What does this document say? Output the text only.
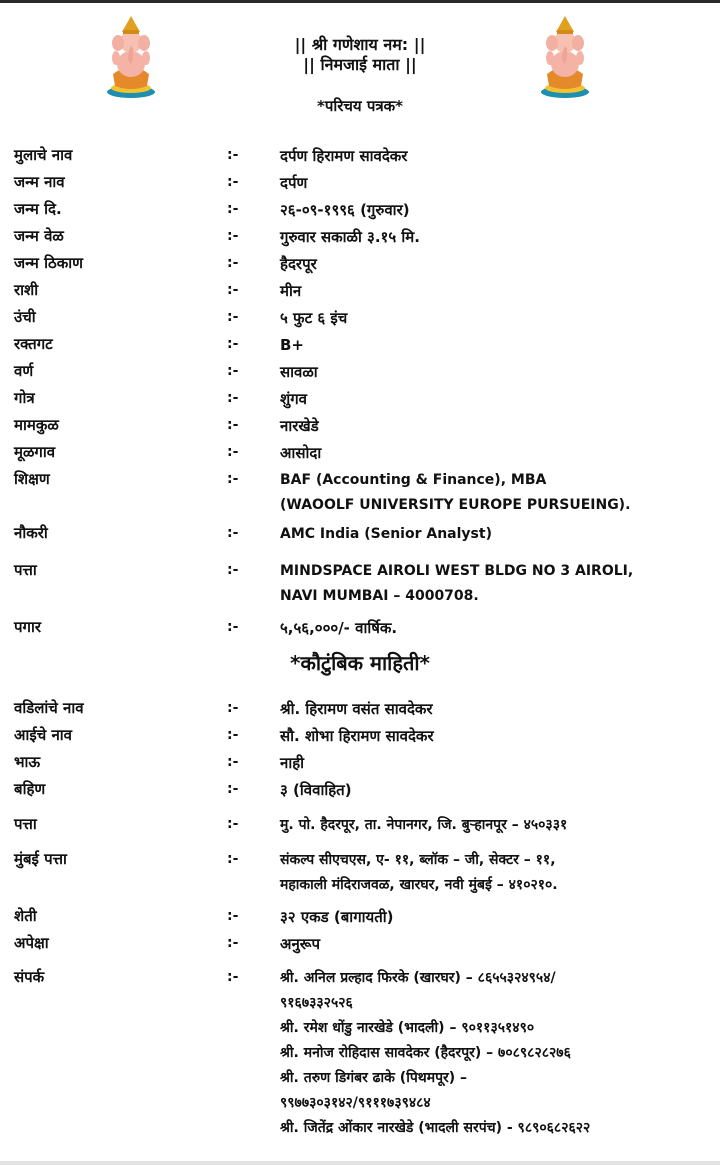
|| श्री गणेशाय नम: ||
|| निमजाई माता ||
*परिचय पत्रक*
मुलाचे नाव	:-	दर्पण हिरामण सावदेकर
जन्म नाव	:-	दर्पण
जन्म दि.	:-	२६-०९-१९९६ (गुरुवार)
जन्म वेळ	:-	गुरुवार सकाळी ३.१५ मि.
जन्म ठिकाण	:-	हैदरपूर
राशी	:-	मीन
उंची	:-	५ फुट ६ इंच
रक्तगट	:-	B+
वर्ण	:-	सावळा
गोत्र	:-	शुंगव
मामकुळ	:-	नारखेडे
मूळगाव	:-	आसोदा
शिक्षण	:-	BAF (Accounting & Finance), MBA
(WAOOLF UNIVERSITY EUROPE PURSUEING).
नौकरी	:-	AMC India (Senior Analyst)
पत्ता	:-	MINDSPACE AIROLI WEST BLDG NO 3 AIROLI,
NAVI MUMBAI – 4000708.
पगार	:-	५,५६,०००/- वार्षिक.
*कौटुंबिक माहिती*
वडिलांचे नाव	:-	श्री. हिरामण वसंत सावदेकर
आईचे नाव	:-	सौ. शोभा हिरामण सावदेकर
भाऊ	:-	नाही
बहिण	:-	३ (विवाहित)
पत्ता	:-	मु. पो. हैदरपूर, ता. नेपानगर, जि. बुऱ्हानपूर – ४५०३३१
मुंबई पत्ता	:-	संकल्प सीएचएस, ए- ११, ब्लॉक – जी, सेक्टर – ११,
महाकाली मंदिराजवळ, खारघर, नवी मुंबई – ४१०२१०.
शेती	:-	३२ एकड (बागायती)
अपेक्षा	:-	अनुरूप
संपर्क	:-	श्री. अनिल प्रल्हाद फिरके (खारघर) – ८६५५३२४९५४/
९१६७३३२५२६
श्री. रमेश धोंडु नारखेडे (भादली) – ९०११३५१४९०
श्री. मनोज रोहिदास सावदेकर (हैदरपूर) – ७०८९८२८२७६
श्री. तरुण डिगंबर ढाके (पिथमपूर) –
९९७७३०३१४२/९१११७३९४८४
श्री. जितेंद्र ओंकार नारखेडे (भादली सरपंच) - ९८९०६८२६२२
